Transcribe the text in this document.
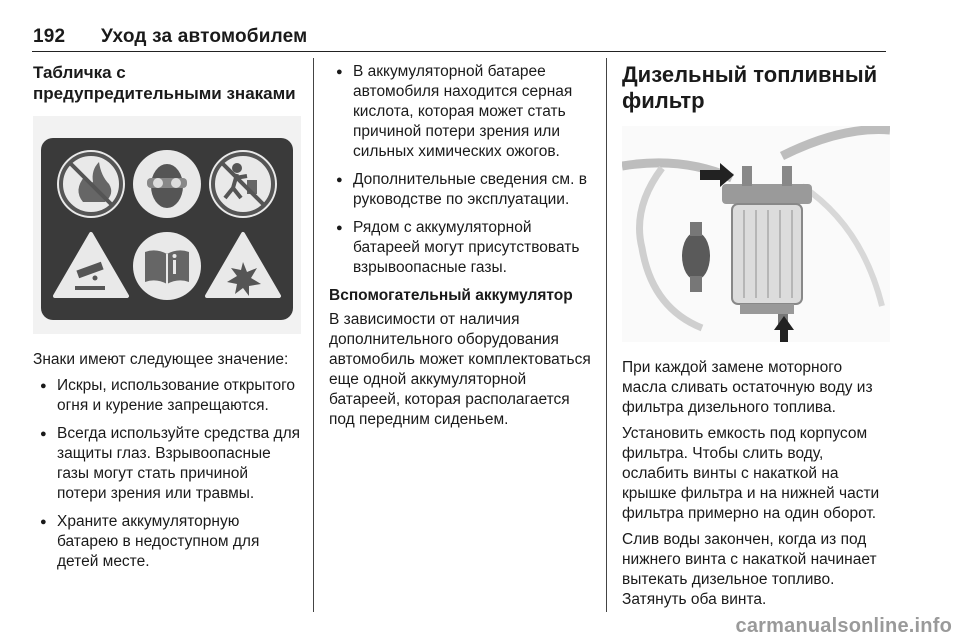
192 Уход за автомобилем
Табличка с предупредительными знаками

Знаки имеют следующее значение:

● Искры, использование открытого огня и курение запрещаются.
● Всегда используйте средства для защиты глаз. Взрывоопасные газы могут стать причиной потери зрения или травмы.
● Храните аккумуляторную батарею в недоступном для детей месте.
● В аккумуляторной батарее автомобиля находится серная кислота, которая может стать причиной потери зрения или сильных химических ожогов.
● Дополнительные сведения см. в руководстве по эксплуатации.
● Рядом с аккумуляторной батареей могут присутствовать взрывоопасные газы.
Вспомогательный аккумулятор

В зависимости от наличия дополнительного оборудования автомобиль может комплектоваться еще одной аккумуляторной батареей, которая располагается под передним сиденьем.

Дизельный топливный фильтр

При каждой замене моторного масла сливать остаточную воду из фильтра дизельного топлива.

Установить емкость под корпусом фильтра. Чтобы слить воду, ослабить винты с накаткой на крышке фильтра и на нижней части фильтра примерно на один оборот.

Слив воды закончен, когда из под нижнего винта с накаткой начинает вытекать дизельное топливо. Затянуть оба винта.

carmanualsonline.info
